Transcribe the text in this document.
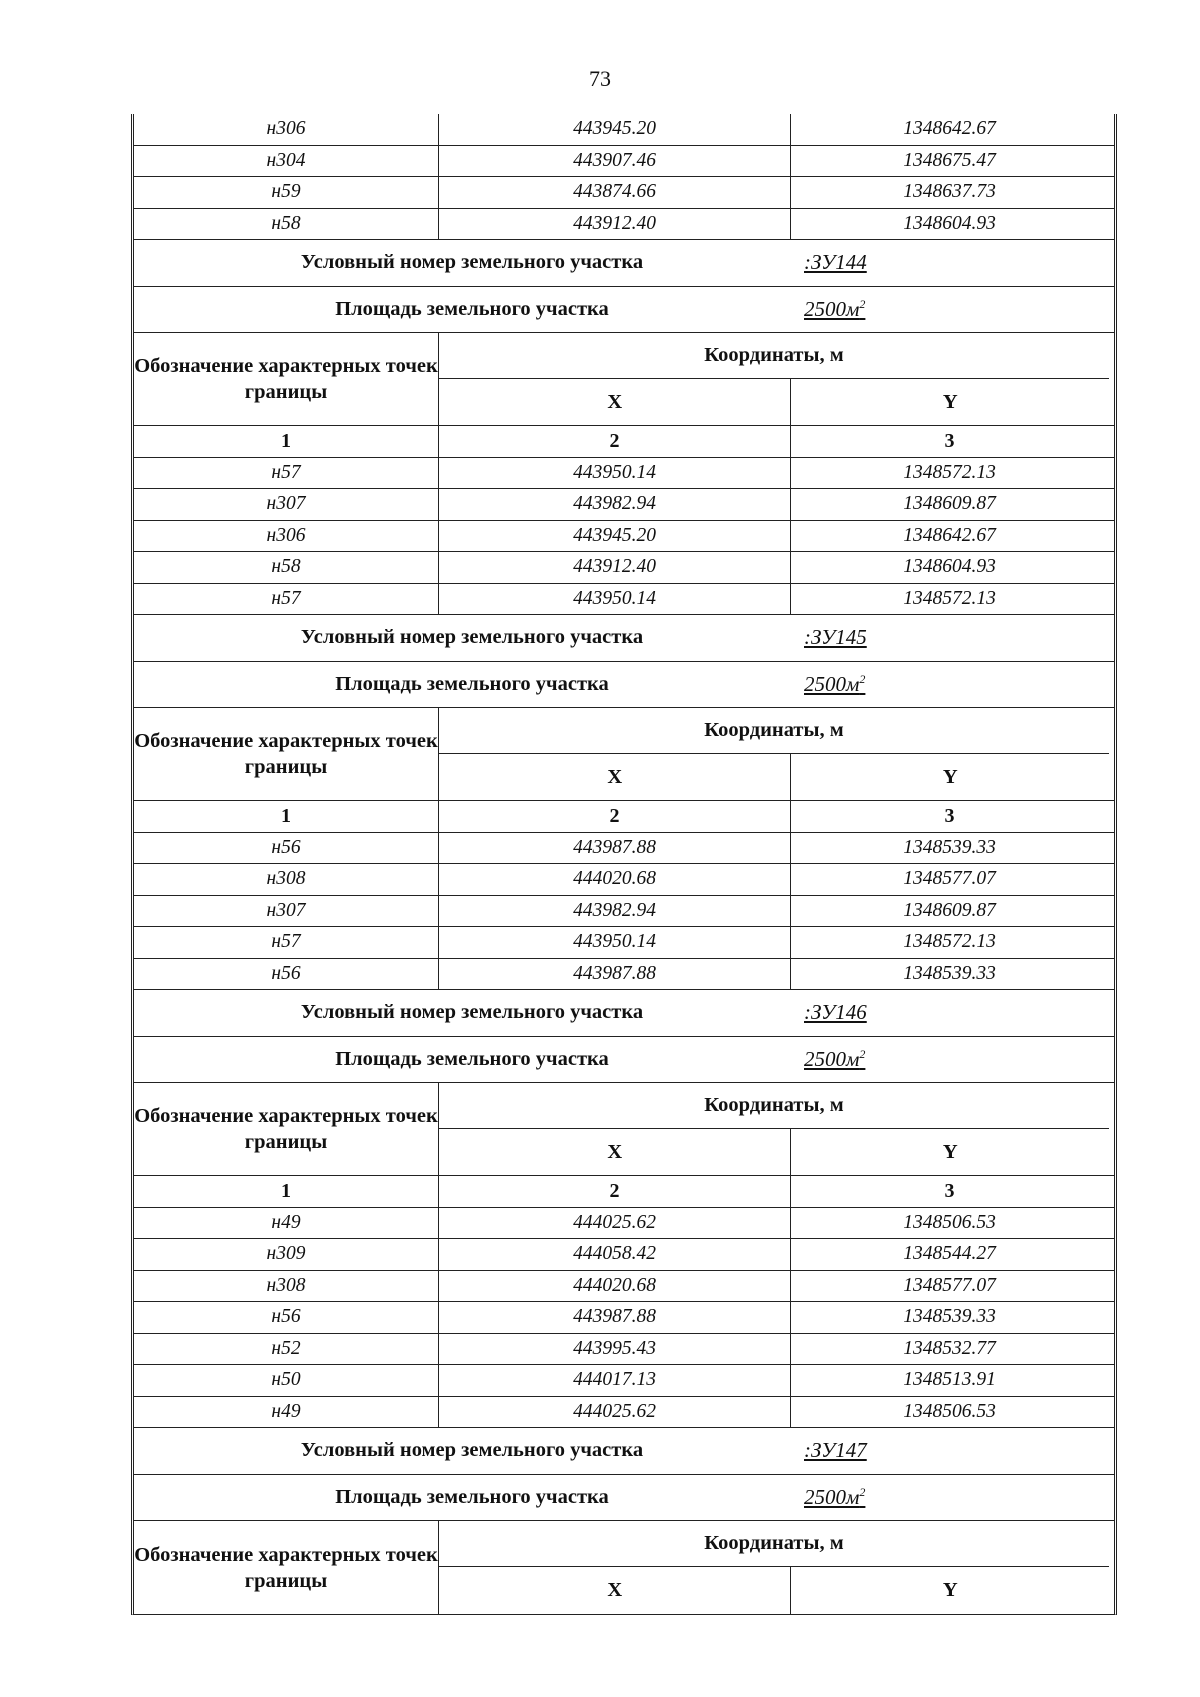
73
н306	443945.20	1348642.67
н304	443907.46	1348675.47
н59	443874.66	1348637.73
н58	443912.40	1348604.93
Условный номер земельного участка	:ЗУ144
Площадь земельного участка	$2500м^2$
Обозначение характерных точек границы
Координаты, м
X	Y
1	2	3
н57	443950.14	1348572.13
н307	443982.94	1348609.87
н306	443945.20	1348642.67
н58	443912.40	1348604.93
н57	443950.14	1348572.13
Условный номер земельного участка	:ЗУ145
Площадь земельного участка	$2500м^2$
Обозначение характерных точек границы
Координаты, м
X	Y
1	2	3
н56	443987.88	1348539.33
н308	444020.68	1348577.07
н307	443982.94	1348609.87
н57	443950.14	1348572.13
н56	443987.88	1348539.33
Условный номер земельного участка	:ЗУ146
Площадь земельного участка	$2500м^2$
Обозначение характерных точек границы
Координаты, м
X	Y
1	2	3
н49	444025.62	1348506.53
н309	444058.42	1348544.27
н308	444020.68	1348577.07
н56	443987.88	1348539.33
н52	443995.43	1348532.77
н50	444017.13	1348513.91
н49	444025.62	1348506.53
Условный номер земельного участка	:ЗУ147
Площадь земельного участка	$2500м^2$
Обозначение характерных точек границы
Координаты, м
X	Y
